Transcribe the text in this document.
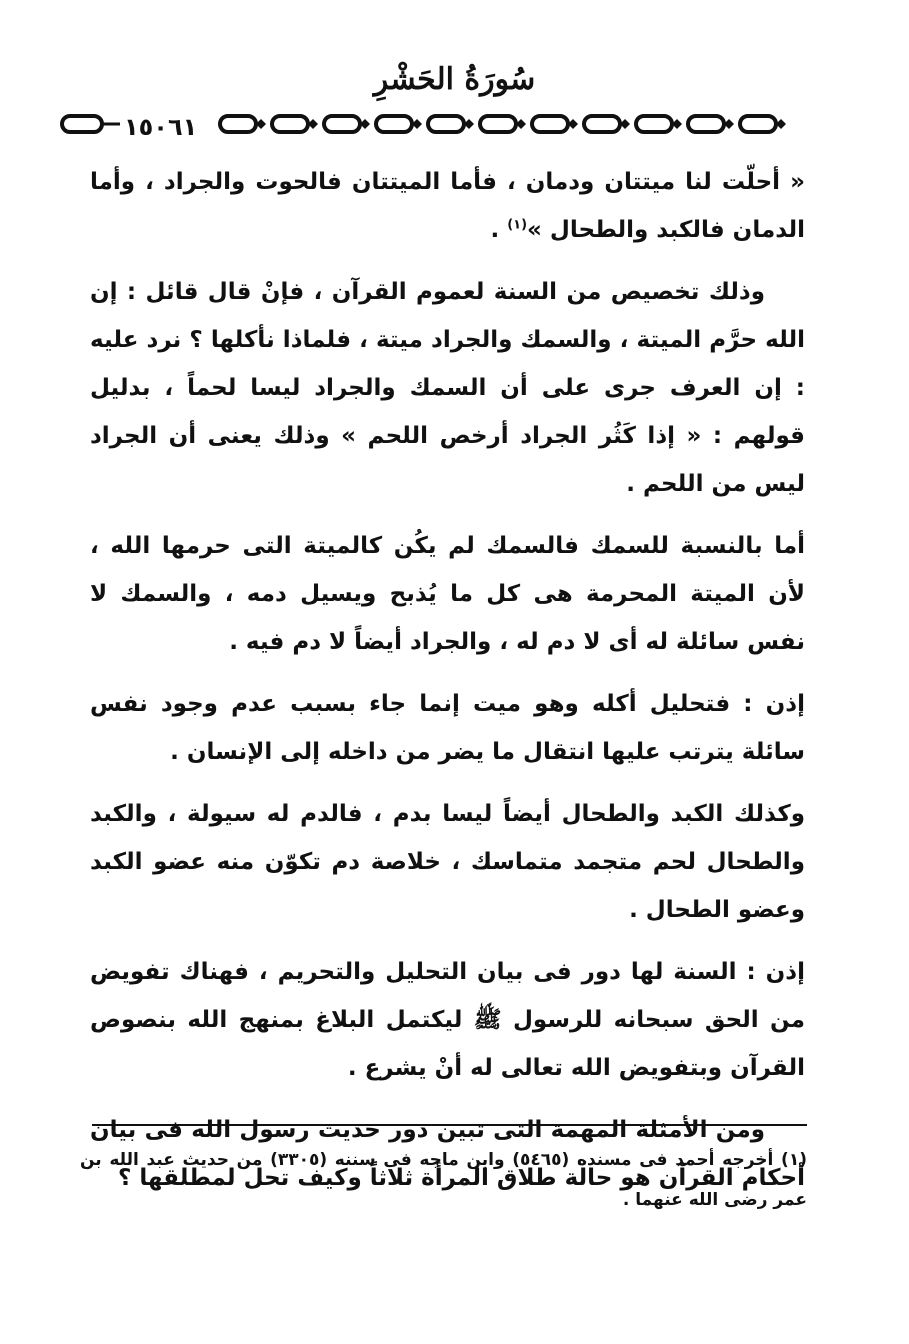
سُورَةُ الحَشْرِ
١٥٠٦١

« أحلّت لنا ميتتان ودمان ، فأما الميتتان فالحوت والجراد ، وأما الدمان فالكبد والطحال »$^{(١)}$ .

وذلك تخصيص من السنة لعموم القرآن ، فإنْ قال قائل : إن الله حرَّم الميتة ، والسمك والجراد ميتة ، فلماذا نأكلها ؟ نرد عليه : إن العرف جرى على أن السمك والجراد ليسا لحماً ، بدليل قولهم : « إذا كَثُر الجراد أرخص اللحم » وذلك يعنى أن الجراد ليس من اللحم .

أما بالنسبة للسمك فالسمك لم يكُن كالميتة التى حرمها الله ، لأن الميتة المحرمة هى كل ما يُذبح ويسيل دمه ، والسمك لا نفس سائلة له أى لا دم له ، والجراد أيضاً لا دم فيه .

إذن : فتحليل أكله وهو ميت إنما جاء بسبب عدم وجود نفس سائلة يترتب عليها انتقال ما يضر من داخله إلى الإنسان .

وكذلك الكبد والطحال أيضاً ليسا بدم ، فالدم له سيولة ، والكبد والطحال لحم متجمد متماسك ، خلاصة دم تكوّن منه عضو الكبد وعضو الطحال .

إذن : السنة لها دور فى بيان التحليل والتحريم ، فهناك تفويض من الحق سبحانه للرسول ﷺ ليكتمل البلاغ بمنهج الله بنصوص القرآن وبتفويض الله تعالى له أنْ يشرع .

ومن الأمثلة المهمة التى تبين دور حديث رسول الله فى بيان أحكام القرآن هو حالة طلاق المرأة ثلاثاً وكيف تحل لمطلقها ؟

(١) أخرجه أحمد فى مسنده (٥٤٦٥) وابن ماجه فى سننه (٣٣٠٥) من حديث عبد الله بن عمر رضى الله عنهما .
